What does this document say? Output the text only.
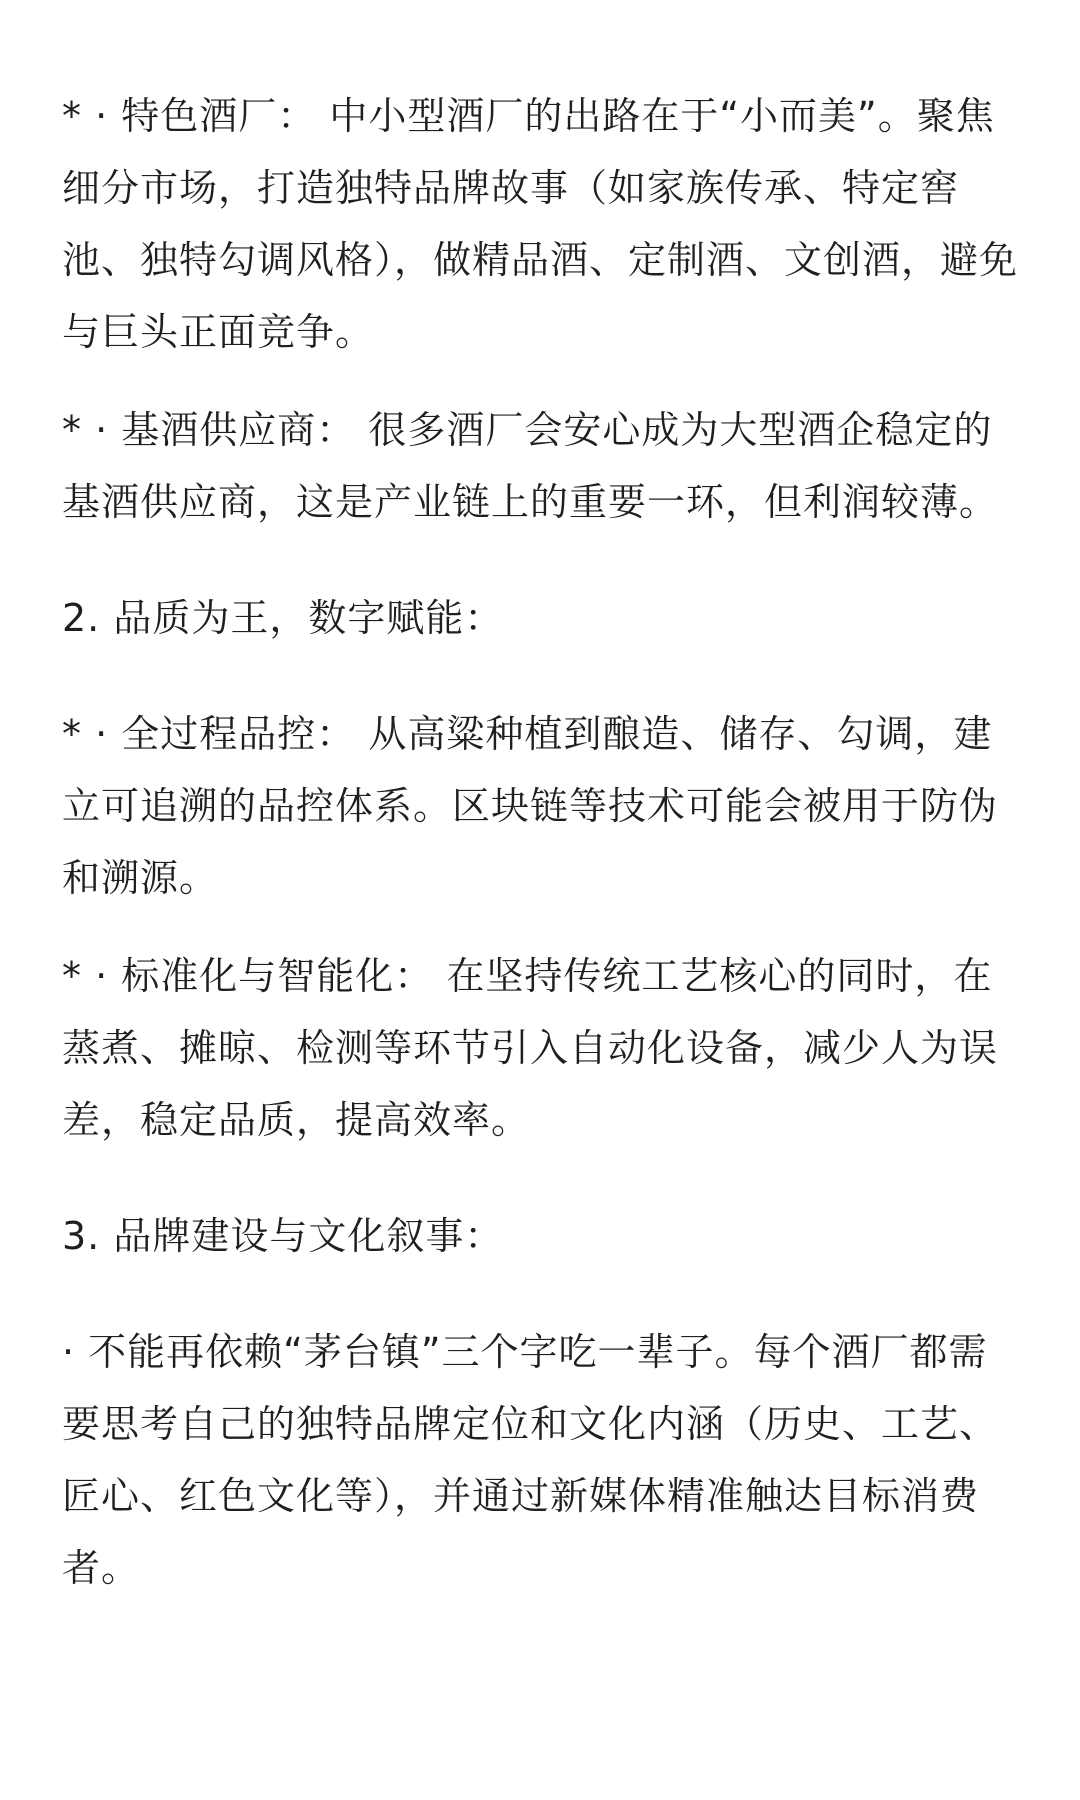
* · 特色酒厂： 中小型酒厂的出路在于“小而美”。聚焦细分市场，打造独特品牌故事（如家族传承、特定窖池、独特勾调风格），做精品酒、定制酒、文创酒，避免与巨头正面竞争。

* · 基酒供应商： 很多酒厂会安心成为大型酒企稳定的基酒供应商，这是产业链上的重要一环，但利润较薄。

2. 品质为王，数字赋能：

* · 全过程品控： 从高粱种植到酿造、储存、勾调，建立可追溯的品控体系。区块链等技术可能会被用于防伪和溯源。

* · 标准化与智能化： 在坚持传统工艺核心的同时，在蒸煮、摊晾、检测等环节引入自动化设备，减少人为误差，稳定品质，提高效率。

3. 品牌建设与文化叙事：

· 不能再依赖“茅台镇”三个字吃一辈子。每个酒厂都需要思考自己的独特品牌定位和文化内涵（历史、工艺、匠心、红色文化等），并通过新媒体精准触达目标消费者。
